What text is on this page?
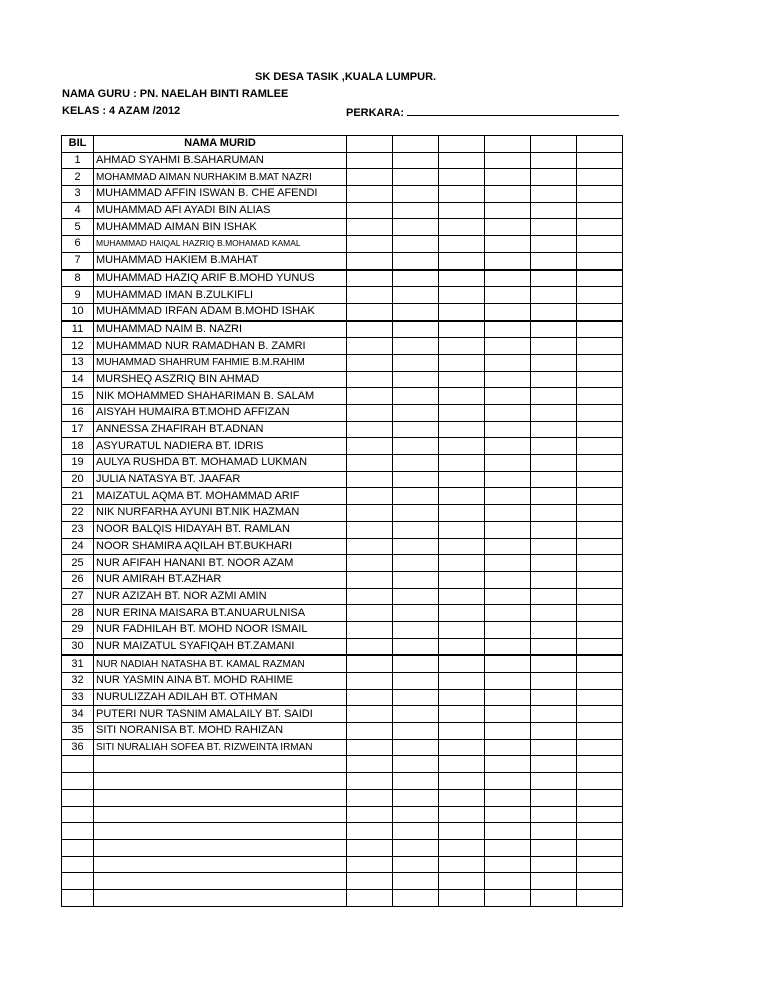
SK DESA TASIK ,KUALA LUMPUR.
NAMA GURU : PN. NAELAH BINTI RAMLEE
KELAS : 4 AZAM /2012	PERKARA:
BIL	NAMA MURID						
1	AHMAD SYAHMI B.SAHARUMAN						
2	MOHAMMAD AIMAN NURHAKIM B.MAT NAZRI						
3	MUHAMMAD AFFIN ISWAN B. CHE AFENDI						
4	MUHAMMAD AFI AYADI BIN ALIAS						
5	MUHAMMAD AIMAN BIN ISHAK						
6	MUHAMMAD HAIQAL HAZRIQ B.MOHAMAD KAMAL						
7	MUHAMMAD HAKIEM B.MAHAT						
8	MUHAMMAD HAZIQ ARIF B.MOHD YUNUS						
9	MUHAMMAD IMAN B.ZULKIFLI						
10	MUHAMMAD IRFAN ADAM B.MOHD ISHAK						
11	MUHAMMAD NAIM B. NAZRI						
12	MUHAMMAD NUR RAMADHAN B. ZAMRI						
13	MUHAMMAD SHAHRUM FAHMIE B.M.RAHIM						
14	MURSHEQ ASZRIQ BIN AHMAD						
15	NIK MOHAMMED SHAHARIMAN B. SALAM						
16	AISYAH HUMAIRA BT.MOHD AFFIZAN						
17	ANNESSA ZHAFIRAH BT.ADNAN						
18	ASYURATUL NADIERA BT. IDRIS						
19	AULYA RUSHDA BT. MOHAMAD LUKMAN						
20	JULIA NATASYA BT. JAAFAR						
21	MAIZATUL AQMA BT. MOHAMMAD ARIF						
22	NIK NURFARHA AYUNI BT.NIK HAZMAN						
23	NOOR BALQIS HIDAYAH BT. RAMLAN						
24	NOOR SHAMIRA AQILAH BT.BUKHARI						
25	NUR AFIFAH HANANI BT. NOOR AZAM						
26	NUR AMIRAH BT.AZHAR						
27	NUR AZIZAH BT. NOR AZMI AMIN						
28	NUR ERINA MAISARA BT.ANUARULNISA						
29	NUR FADHILAH BT. MOHD NOOR ISMAIL						
30	NUR MAIZATUL SYAFIQAH BT.ZAMANI						
31	NUR NADIAH NATASHA BT. KAMAL RAZMAN						
32	NUR YASMIN AINA BT. MOHD RAHIME						
33	NURULIZZAH ADILAH BT. OTHMAN						
34	PUTERI NUR TASNIM AMALAILY BT. SAIDI						
35	SITI NORANISA BT. MOHD RAHIZAN						
36	SITI NURALIAH SOFEA BT. RIZWEINTA IRMAN						
